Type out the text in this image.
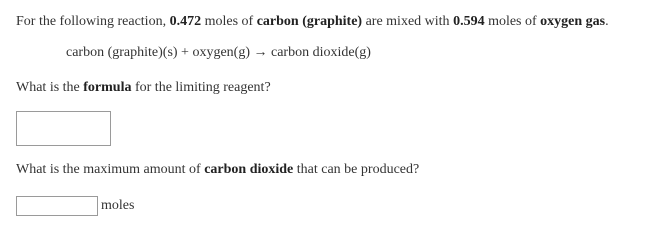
For the following reaction, 0.472 moles of carbon (graphite) are mixed with 0.594 moles of oxygen gas.
carbon (graphite)(s) + oxygen(g) → carbon dioxide(g)
What is the formula for the limiting reagent?
What is the maximum amount of carbon dioxide that can be produced?
moles
